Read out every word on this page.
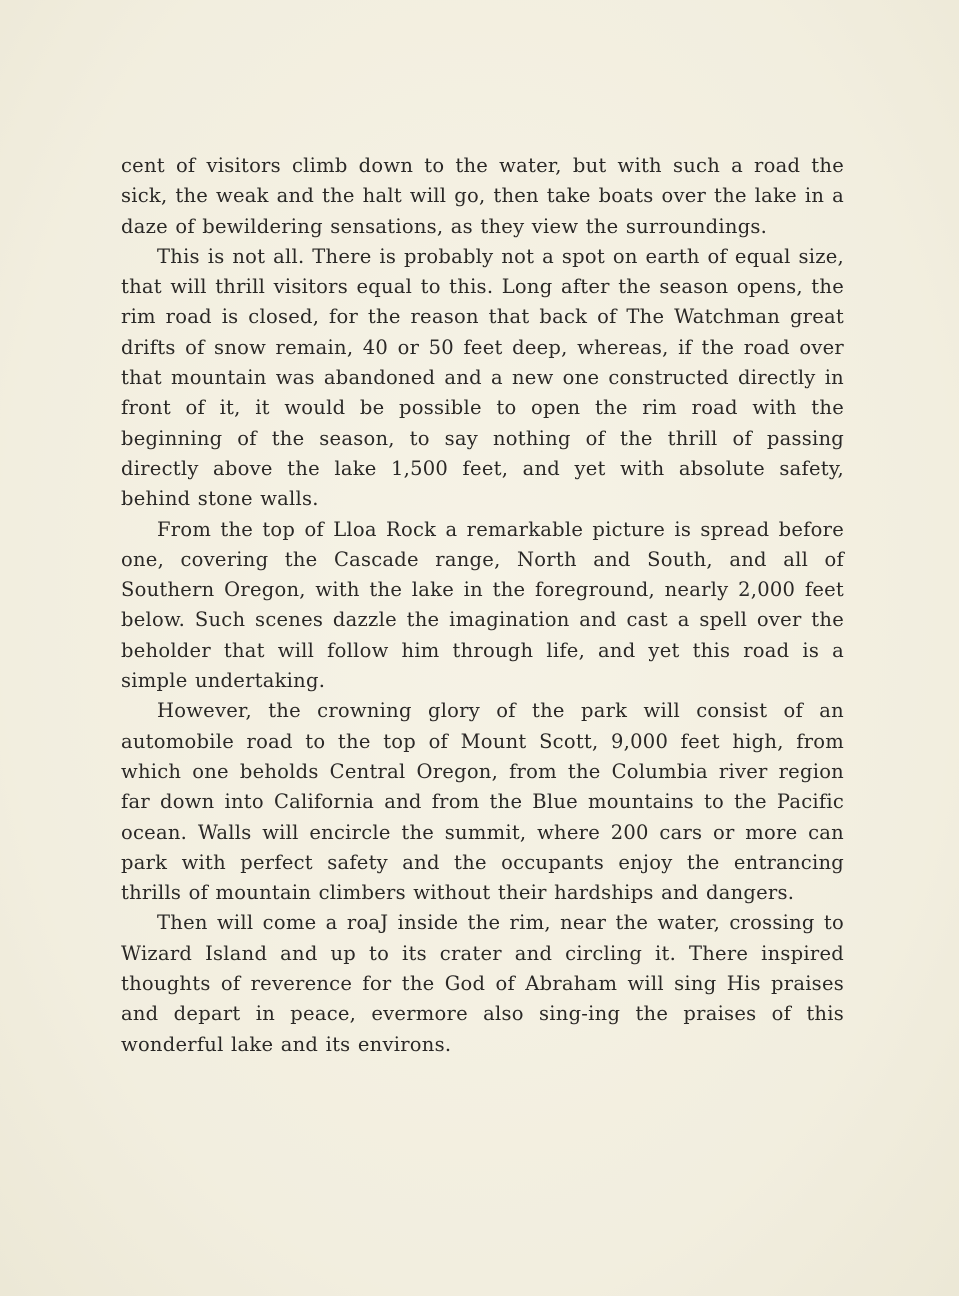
cent of visitors climb down to the water, but with such a road the sick, the weak and the halt will go, then take boats over the lake in a daze of bewildering sensations, as they view the surroundings.

This is not all. There is probably not a spot on earth of equal size, that will thrill visitors equal to this. Long after the season opens, the rim road is closed, for the reason that back of The Watchman great drifts of snow remain, 40 or 50 feet deep, whereas, if the road over that mountain was abandoned and a new one constructed directly in front of it, it would be possible to open the rim road with the beginning of the season, to say nothing of the thrill of passing directly above the lake 1,500 feet, and yet with absolute safety, behind stone walls.

From the top of Lloa Rock a remarkable picture is spread before one, covering the Cascade range, North and South, and all of Southern Oregon, with the lake in the foreground, nearly 2,000 feet below. Such scenes dazzle the imagination and cast a spell over the beholder that will follow him through life, and yet this road is a simple undertaking.

However, the crowning glory of the park will consist of an automobile road to the top of Mount Scott, 9,000 feet high, from which one beholds Central Oregon, from the Columbia river region far down into California and from the Blue mountains to the Pacific ocean. Walls will encircle the summit, where 200 cars or more can park with perfect safety and the occupants enjoy the entrancing thrills of mountain climbers without their hardships and dangers.

Then will come a roaJ inside the rim, near the water, crossing to Wizard Island and up to its crater and circling it. There inspired thoughts of reverence for the God of Abraham will sing His praises and depart in peace, evermore also sing-ing the praises of this wonderful lake and its environs.
